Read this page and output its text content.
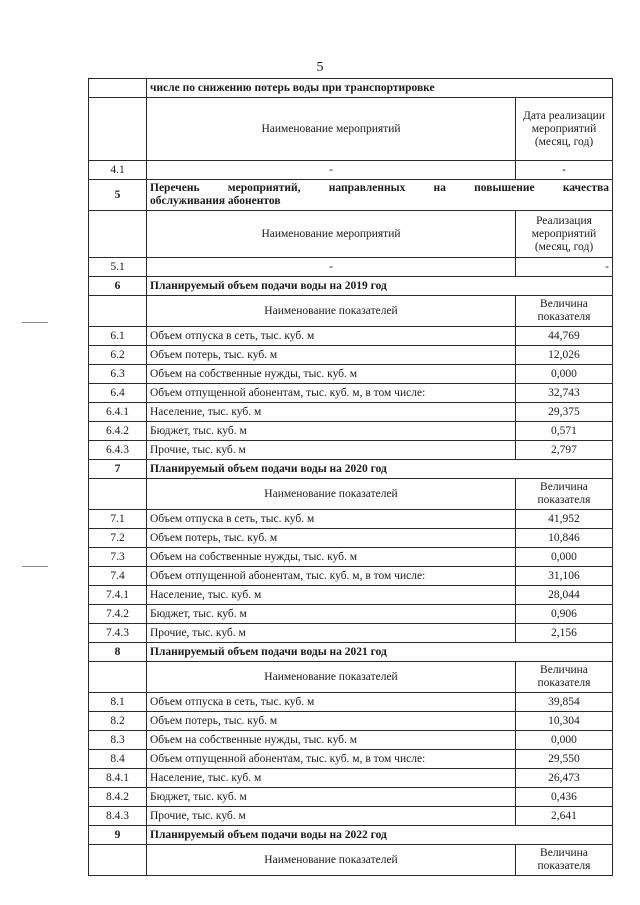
5
	числе по снижению потерь воды при транспортировке	
	Наименование мероприятий	Дата реализации мероприятий (месяц, год)
4.1	-	-
5	Перечень мероприятий, направленных на повышение качества
обслуживания абонентов	

	Наименование мероприятий	Реализация мероприятий (месяц, год)
5.1	-	-
6	Планируемый объем подачи воды на 2019 год	
	Наименование показателей	Величина показателя
6.1	Объем отпуска в сеть, тыс. куб. м	44,769
6.2	Объем потерь, тыс. куб. м	12,026
6.3	Объем на собственные нужды, тыс. куб. м	0,000
6.4	Объем отпущенной абонентам, тыс. куб. м, в том числе:	32,743
6.4.1	Население, тыс. куб. м	29,375
6.4.2	Бюджет, тыс. куб. м	0,571
6.4.3	Прочие, тыс. куб. м	2,797
7	Планируемый объем подачи воды на 2020 год	
	Наименование показателей	Величина показателя
7.1	Объем отпуска в сеть, тыс. куб. м	41,952
7.2	Объем потерь, тыс. куб. м	10,846
7.3	Объем на собственные нужды, тыс. куб. м	0,000
7.4	Объем отпущенной абонентам, тыс. куб. м, в том числе:	31,106
7.4.1	Население, тыс. куб. м	28,044
7.4.2	Бюджет, тыс. куб. м	0,906
7.4.3	Прочие, тыс. куб. м	2,156
8	Планируемый объем подачи воды на 2021 год	
	Наименование показателей	Величина показателя
8.1	Объем отпуска в сеть, тыс. куб. м	39,854
8.2	Объем потерь, тыс. куб. м	10,304
8.3	Объем на собственные нужды, тыс. куб. м	0,000
8.4	Объем отпущенной абонентам, тыс. куб. м, в том числе:	29,550
8.4.1	Население, тыс. куб. м	26,473
8.4.2	Бюджет, тыс. куб. м	0,436
8.4.3	Прочие, тыс. куб. м	2,641
9	Планируемый объем подачи воды на 2022 год	
	Наименование показателей	Величина показателя
